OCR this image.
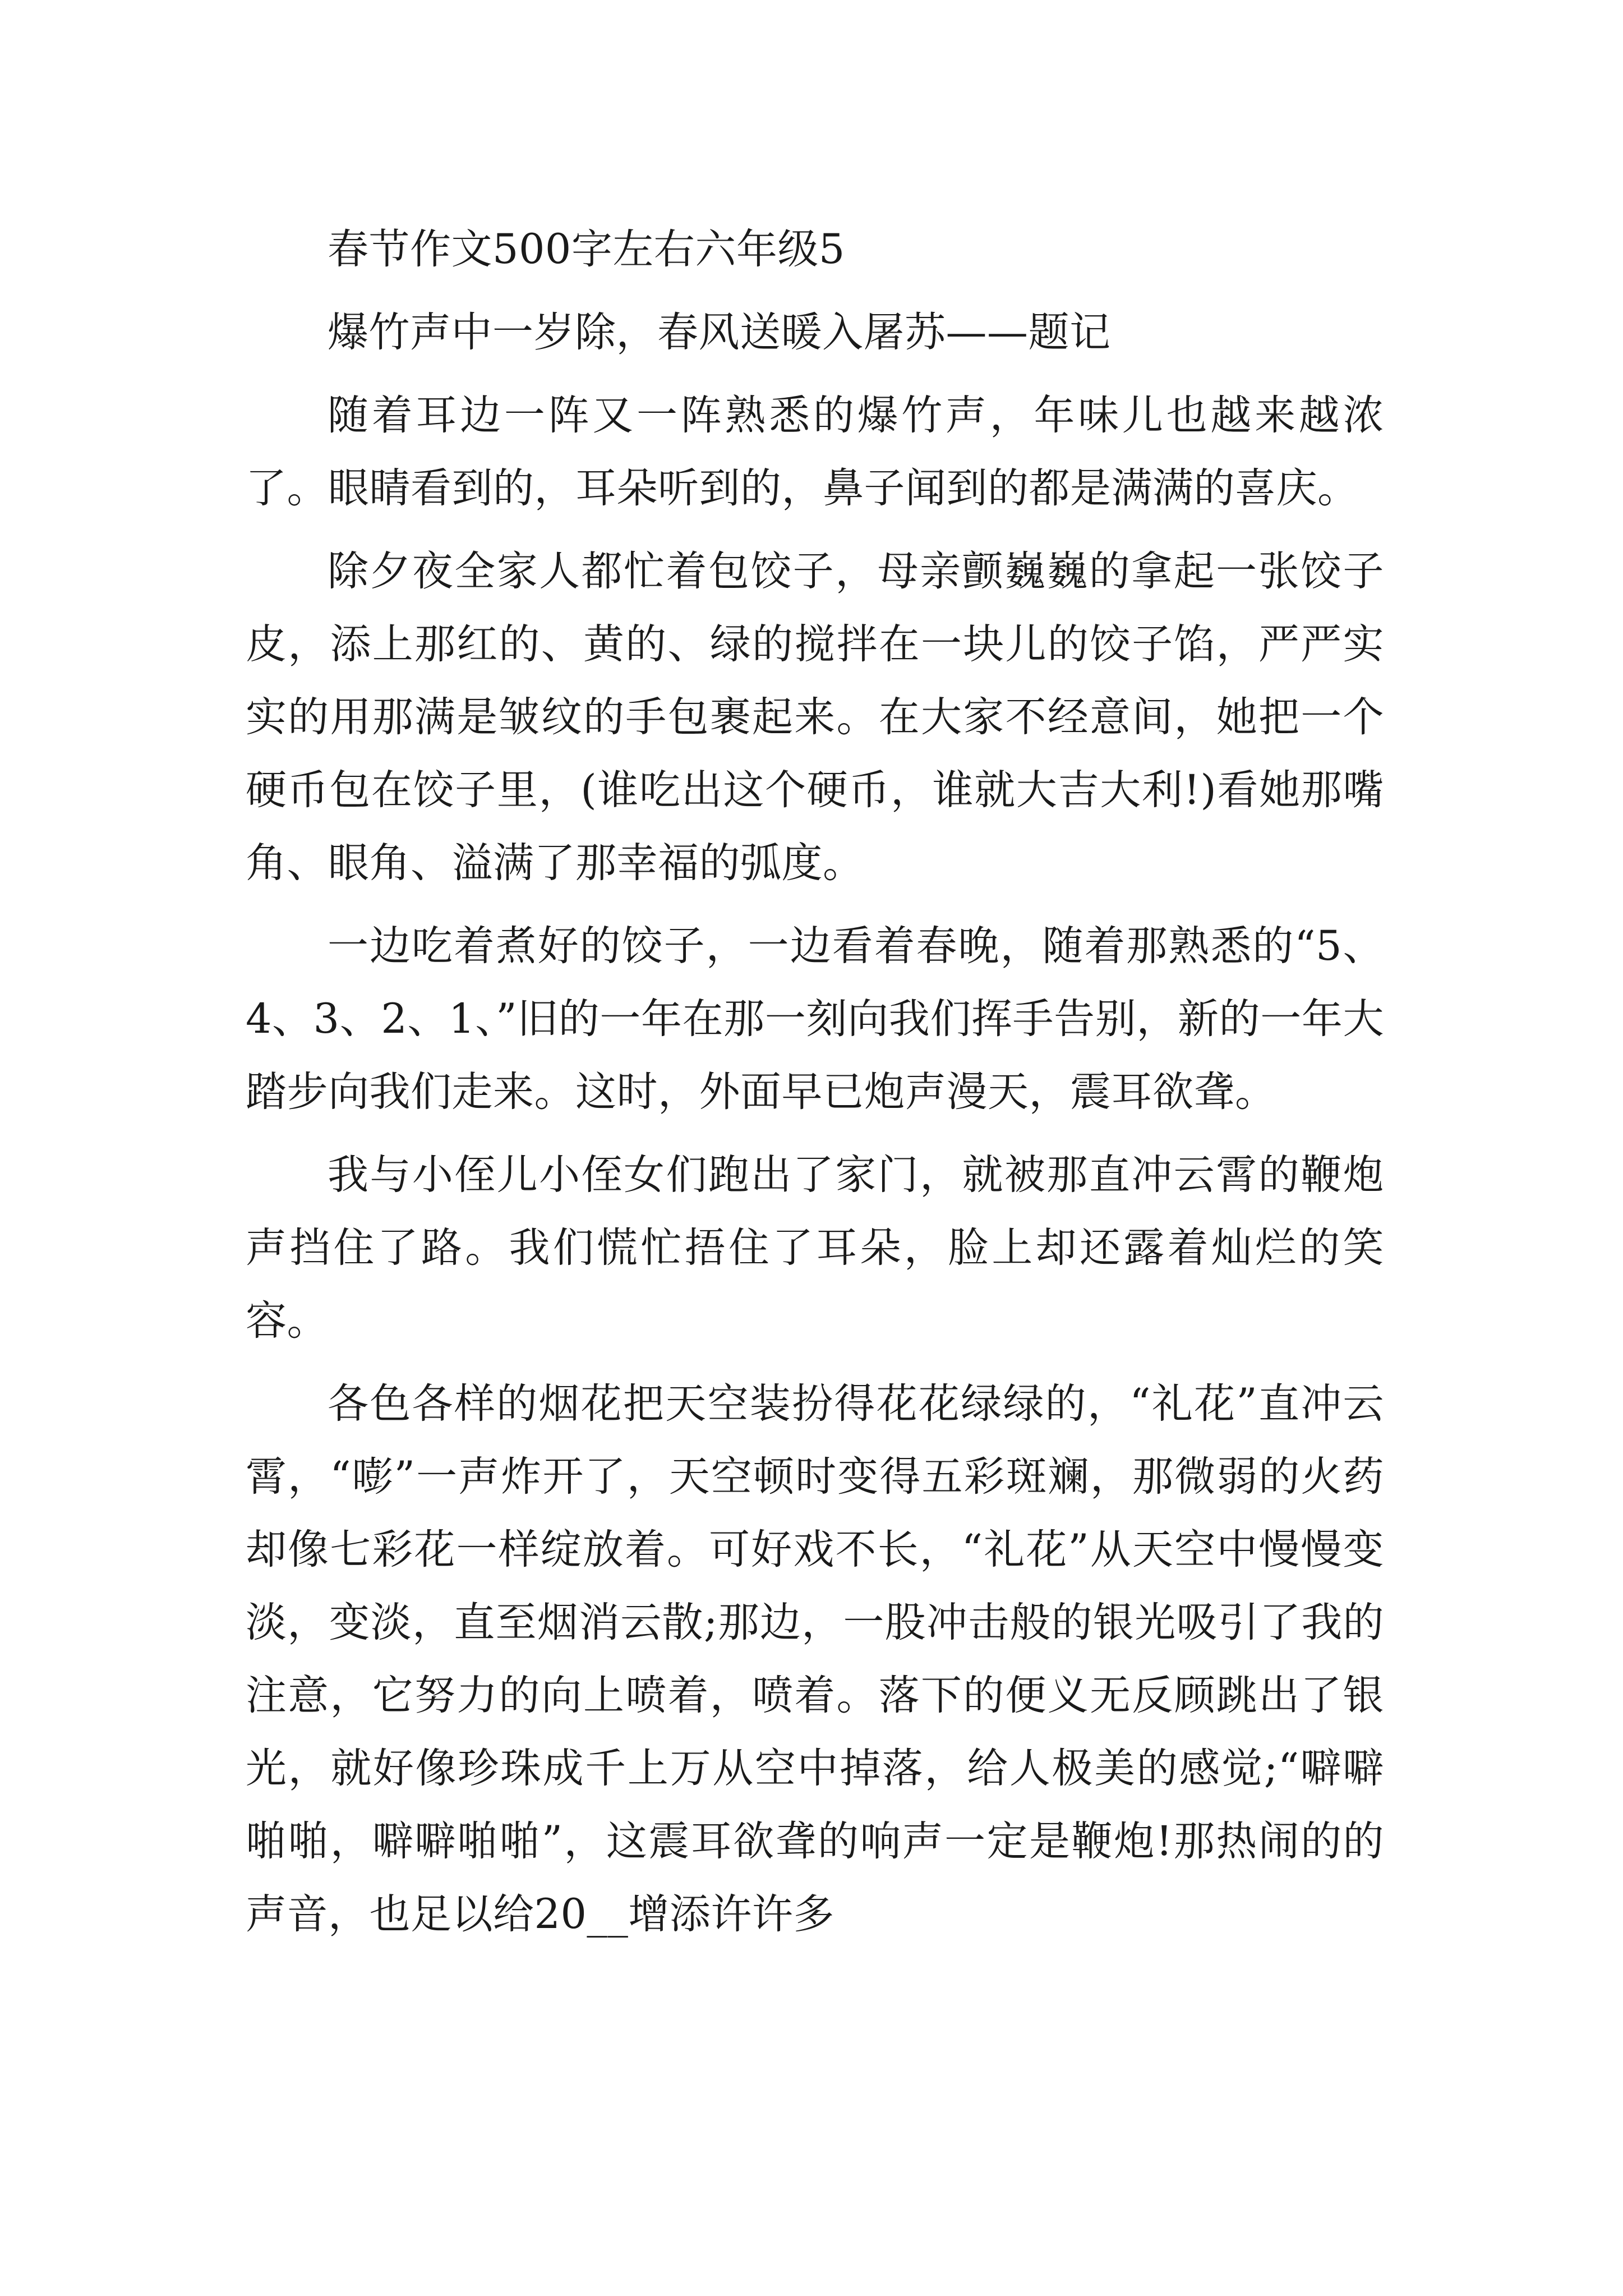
春节作文500字左右六年级5

爆竹声中一岁除，春风送暖入屠苏——题记

随着耳边一阵又一阵熟悉的爆竹声，年味儿也越来越浓了。眼睛看到的，耳朵听到的，鼻子闻到的都是满满的喜庆。

除夕夜全家人都忙着包饺子，母亲颤巍巍的拿起一张饺子皮，添上那红的、黄的、绿的搅拌在一块儿的饺子馅，严严实实的用那满是皱纹的手包裹起来。在大家不经意间，她把一个硬币包在饺子里，(谁吃出这个硬币，谁就大吉大利!)看她那嘴角、眼角、溢满了那幸福的弧度。

一边吃着煮好的饺子，一边看着春晚，随着那熟悉的“5、4、3、2、1、”旧的一年在那一刻向我们挥手告别，新的一年大踏步向我们走来。这时，外面早已炮声漫天，震耳欲聋。

我与小侄儿小侄女们跑出了家门，就被那直冲云霄的鞭炮声挡住了路。我们慌忙捂住了耳朵，脸上却还露着灿烂的笑容。

各色各样的烟花把天空装扮得花花绿绿的，“礼花”直冲云霄，“嘭”一声炸开了，天空顿时变得五彩斑斓，那微弱的火药却像七彩花一样绽放着。可好戏不长，“礼花”从天空中慢慢变淡，变淡，直至烟消云散;那边，一股冲击般的银光吸引了我的注意，它努力的向上喷着，喷着。落下的便义无反顾跳出了银光，就好像珍珠成千上万从空中掉落，给人极美的感觉;“噼噼啪啪，噼噼啪啪”，这震耳欲聋的响声一定是鞭炮!那热闹的的声音，也足以给20__增添许许多
